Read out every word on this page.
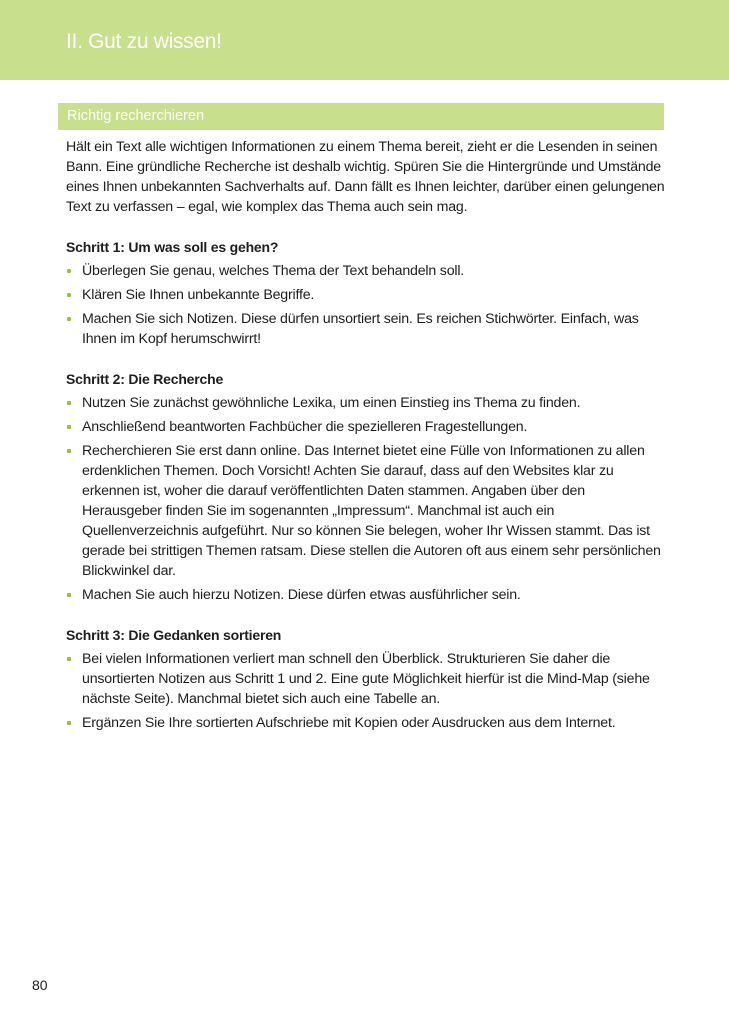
II. Gut zu wissen!
Richtig recherchieren

Hält ein Text alle wichtigen Informationen zu einem Thema bereit, zieht er die Lesenden in seinen Bann. Eine gründliche Recherche ist deshalb wichtig. Spüren Sie die Hintergründe und Umstände eines Ihnen unbekannten Sachverhalts auf. Dann fällt es Ihnen leichter, darüber einen gelungenen Text zu verfassen – egal, wie komplex das Thema auch sein mag.

Schritt 1: Um was soll es gehen?
Überlegen Sie genau, welches Thema der Text behandeln soll.
Klären Sie Ihnen unbekannte Begriffe.
Machen Sie sich Notizen. Diese dürfen unsortiert sein. Es reichen Stichwörter. Einfach, was Ihnen im Kopf herumschwirrt!
Schritt 2: Die Recherche
Nutzen Sie zunächst gewöhnliche Lexika, um einen Einstieg ins Thema zu finden.
Anschließend beantworten Fachbücher die spezielleren Fragestellungen.
Recherchieren Sie erst dann online. Das Internet bietet eine Fülle von Informationen zu allen erdenklichen Themen. Doch Vorsicht! Achten Sie darauf, dass auf den Websites klar zu erkennen ist, woher die darauf veröffentlichten Daten stammen. Angaben über den Herausgeber finden Sie im sogenannten „Impressum“. Manchmal ist auch ein Quellenverzeichnis aufgeführt. Nur so können Sie belegen, woher Ihr Wissen stammt. Das ist gerade bei strittigen Themen ratsam. Diese stellen die Autoren oft aus einem sehr persönlichen Blickwinkel dar.
Machen Sie auch hierzu Notizen. Diese dürfen etwas ausführlicher sein.
Schritt 3: Die Gedanken sortieren
Bei vielen Informationen verliert man schnell den Überblick. Strukturieren Sie daher die unsortierten Notizen aus Schritt 1 und 2. Eine gute Möglichkeit hierfür ist die Mind-Map (siehe nächste Seite). Manchmal bietet sich auch eine Tabelle an.
Ergänzen Sie Ihre sortierten Aufschriebe mit Kopien oder Ausdrucken aus dem Internet.
80
